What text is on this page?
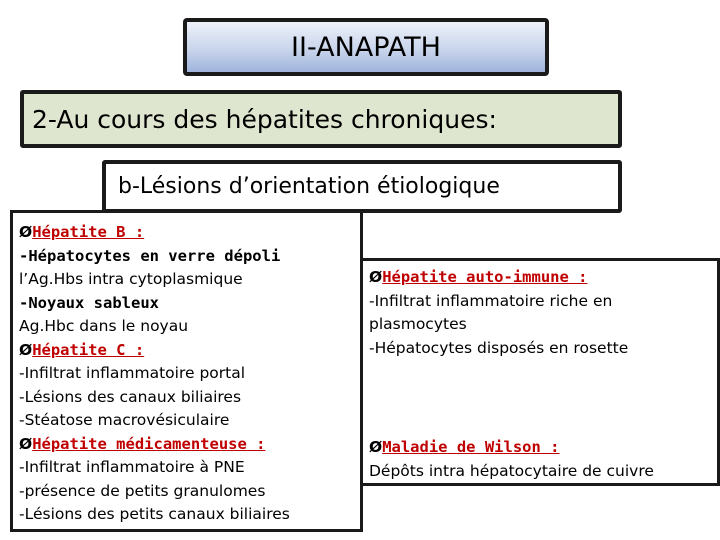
II-ANAPATH
2-Au cours des hépatites chroniques:
b-Lésions d’orientation étiologique
ØHépatite B :
-Hépatocytes en verre dépoli
l’Ag.Hbs intra cytoplasmique
-Noyaux sableux
Ag.Hbc dans le noyau
ØHépatite C :
-Infiltrat inflammatoire portal
-Lésions des canaux biliaires
-Stéatose macrovésiculaire
ØHépatite médicamenteuse :
-Infiltrat inflammatoire à PNE
-présence de petits granulomes
-Lésions des petits canaux biliaires
ØHépatite auto-immune :
-Infiltrat inflammatoire riche en
plasmocytes
-Hépatocytes disposés en rosette
ØMaladie de Wilson :
Dépôts intra hépatocytaire de cuivre
